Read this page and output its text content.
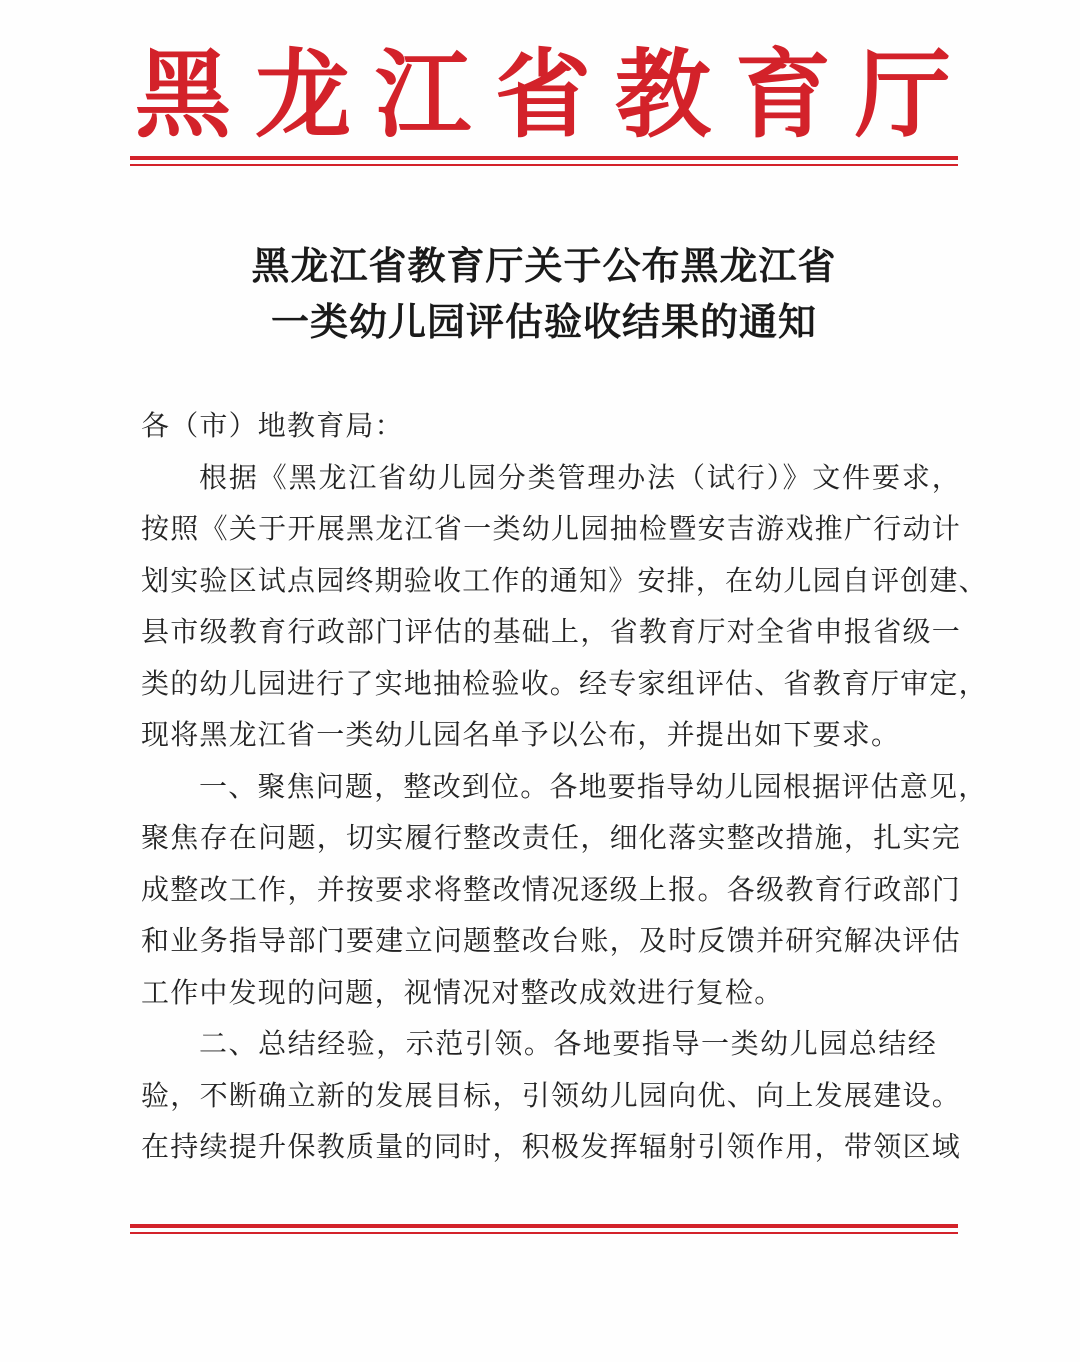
黑 龙 江 省 教 育 厅
黑龙江省教育厅关于公布黑龙江省
一类幼儿园评估验收结果的通知
各（市）地教育局：
根据《黑龙江省幼儿园分类管理办法（试行）》文件要求，
按照《关于开展黑龙江省一类幼儿园抽检暨安吉游戏推广行动计
划实验区试点园终期验收工作的通知》安排，在幼儿园自评创建、
县市级教育行政部门评估的基础上，省教育厅对全省申报省级一
类的幼儿园进行了实地抽检验收。经专家组评估、省教育厅审定，
现将黑龙江省一类幼儿园名单予以公布，并提出如下要求。
一、聚焦问题，整改到位。各地要指导幼儿园根据评估意见，
聚焦存在问题，切实履行整改责任，细化落实整改措施，扎实完
成整改工作，并按要求将整改情况逐级上报。各级教育行政部门
和业务指导部门要建立问题整改台账，及时反馈并研究解决评估
工作中发现的问题，视情况对整改成效进行复检。
二、总结经验，示范引领。各地要指导一类幼儿园总结经
验，不断确立新的发展目标，引领幼儿园向优、向上发展建设。
在持续提升保教质量的同时，积极发挥辐射引领作用，带领区域
